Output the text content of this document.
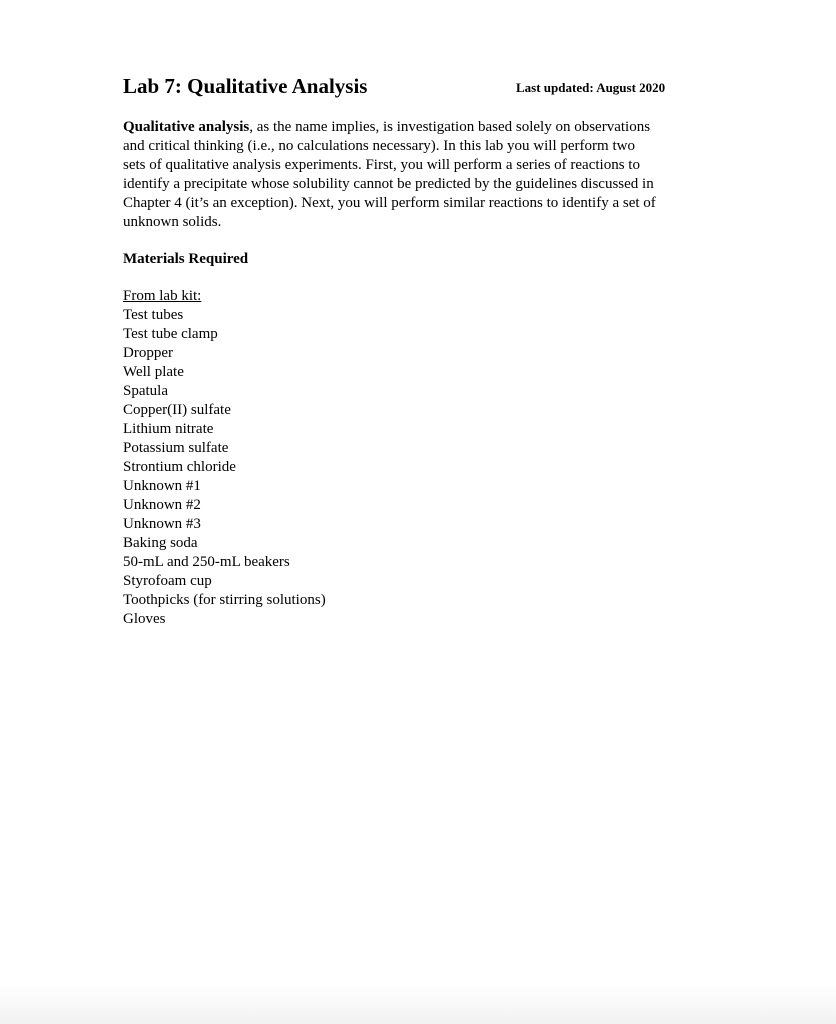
Lab 7: Qualitative Analysis	Last updated: August 2020

Qualitative analysis, as the name implies, is investigation based solely on observations

and critical thinking (i.e., no calculations necessary). In this lab you will perform two

sets of qualitative analysis experiments. First, you will perform a series of reactions to

identify a precipitate whose solubility cannot be predicted by the guidelines discussed in

Chapter 4 (it’s an exception). Next, you will perform similar reactions to identify a set of

unknown solids.

Materials Required
From lab kit:
Test tubes
Test tube clamp
Dropper
Well plate
Spatula
Copper(II) sulfate
Lithium nitrate
Potassium sulfate
Strontium chloride
Unknown #1
Unknown #2
Unknown #3
Baking soda
50-mL and 250-mL beakers
Styrofoam cup
Toothpicks (for stirring solutions)
Gloves
